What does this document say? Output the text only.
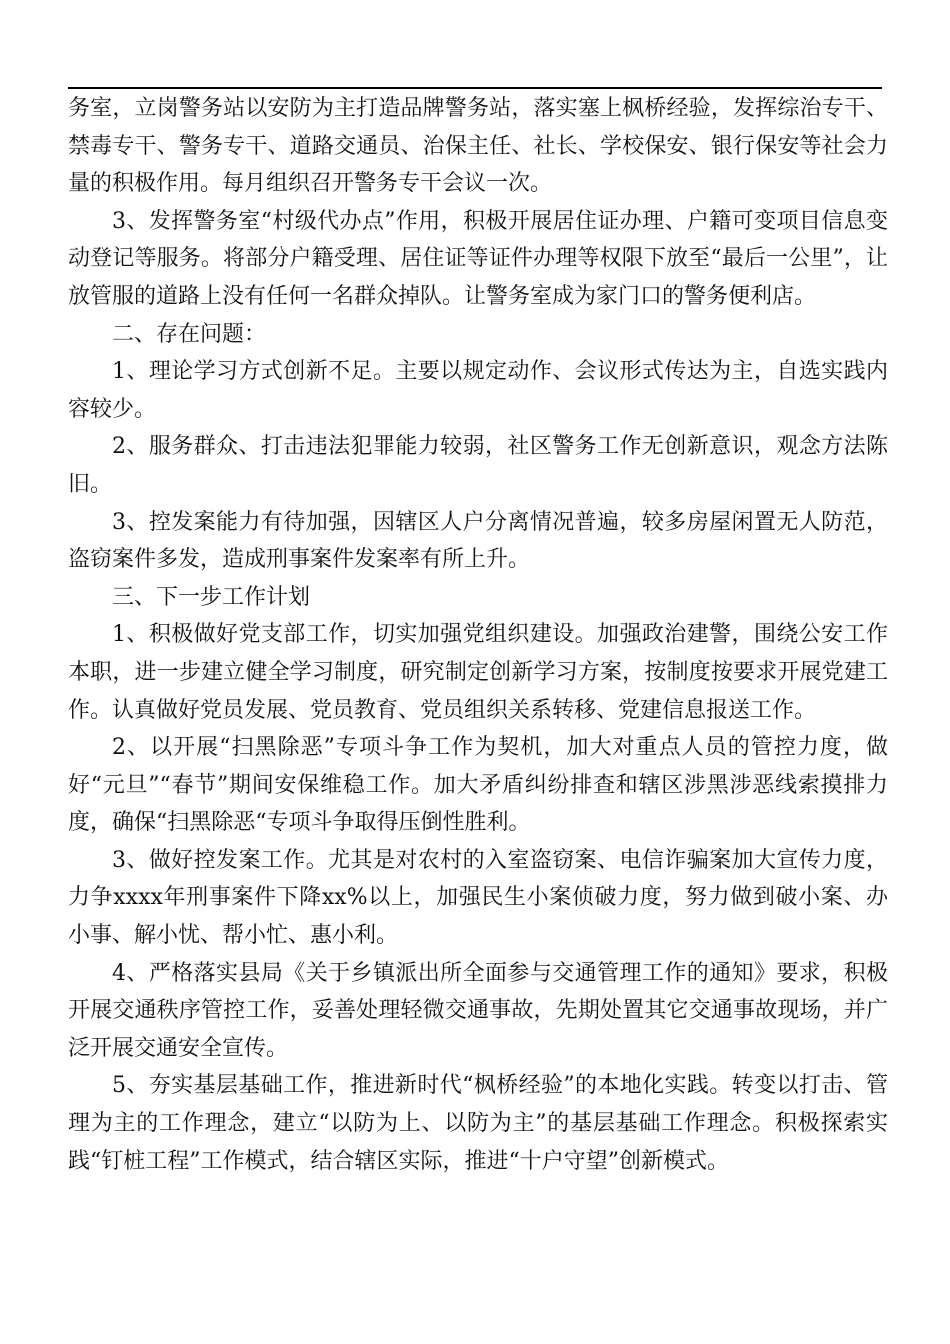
务室，立岗警务站以安防为主打造品牌警务站，落实塞上枫桥经验，发挥综治专干、禁毒专干、警务专干、道路交通员、治保主任、社长、学校保安、银行保安等社会力量的积极作用。每月组织召开警务专干会议一次。

3、发挥警务室“村级代办点”作用，积极开展居住证办理、户籍可变项目信息变动登记等服务。将部分户籍受理、居住证等证件办理等权限下放至“最后一公里”，让放管服的道路上没有任何一名群众掉队。让警务室成为家门口的警务便利店。

二、存在问题：

1、理论学习方式创新不足。主要以规定动作、会议形式传达为主，自选实践内容较少。

2、服务群众、打击违法犯罪能力较弱，社区警务工作无创新意识，观念方法陈旧。

3、控发案能力有待加强，因辖区人户分离情况普遍，较多房屋闲置无人防范，盗窃案件多发，造成刑事案件发案率有所上升。

三、下一步工作计划

1、积极做好党支部工作，切实加强党组织建设。加强政治建警，围绕公安工作本职，进一步建立健全学习制度，研究制定创新学习方案，按制度按要求开展党建工作。认真做好党员发展、党员教育、党员组织关系转移、党建信息报送工作。

2、以开展“扫黑除恶”专项斗争工作为契机，加大对重点人员的管控力度，做好“元旦”“春节”期间安保维稳工作。加大矛盾纠纷排查和辖区涉黑涉恶线索摸排力度，确保“扫黑除恶“专项斗争取得压倒性胜利。

3、做好控发案工作。尤其是对农村的入室盗窃案、电信诈骗案加大宣传力度，力争xxxx年刑事案件下降xx%以上，加强民生小案侦破力度，努力做到破小案、办小事、解小忧、帮小忙、惠小利。

4、严格落实县局《关于乡镇派出所全面参与交通管理工作的通知》要求，积极开展交通秩序管控工作，妥善处理轻微交通事故，先期处置其它交通事故现场，并广泛开展交通安全宣传。

5、夯实基层基础工作，推进新时代“枫桥经验”的本地化实践。转变以打击、管理为主的工作理念，建立“以防为上、以防为主”的基层基础工作理念。积极探索实践“钉桩工程”工作模式，结合辖区实际，推进“十户守望”创新模式。
